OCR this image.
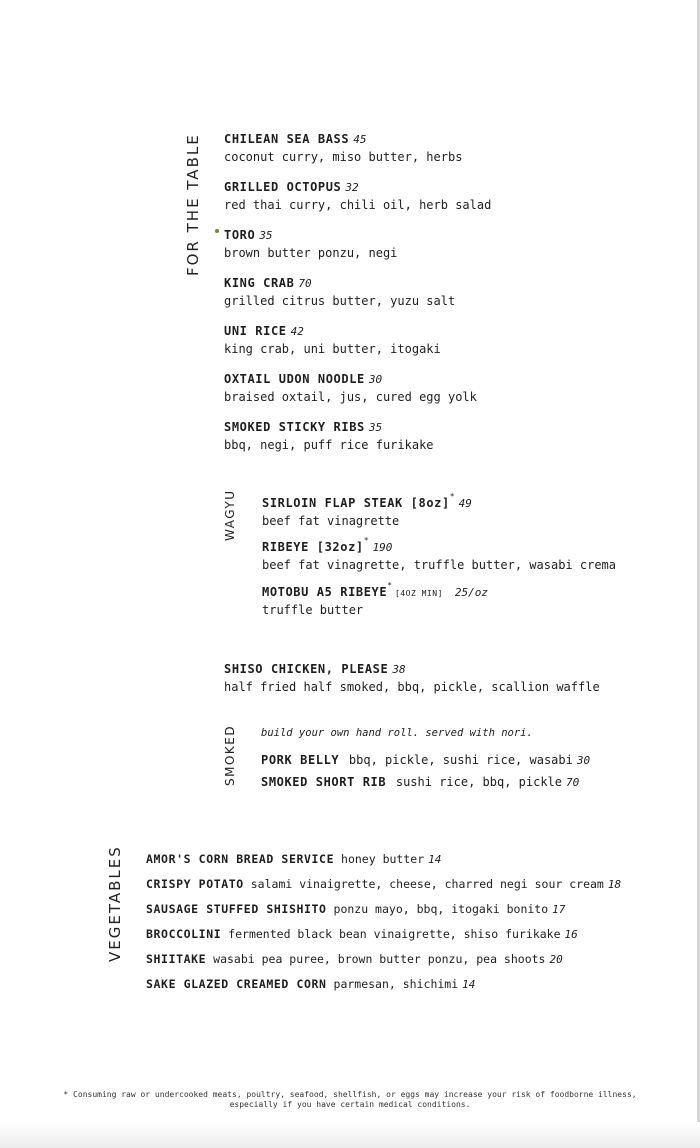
FOR THE TABLE
WAGYU
SMOKED
VEGETABLES
CHILEAN SEA BASS 45
coconut curry, miso butter, herbs
GRILLED OCTOPUS 32
red thai curry, chili oil, herb salad
TORO 35
brown butter ponzu, negi
KING CRAB 70
grilled citrus butter, yuzu salt
UNI RICE 42
king crab, uni butter, itogaki
OXTAIL UDON NOODLE 30
braised oxtail, jus, cured egg yolk
SMOKED STICKY RIBS 35
bbq, negi, puff rice furikake
SIRLOIN FLAP STEAK [8oz]*49
beef fat vinagrette
RIBEYE [32oz]*190
beef fat vinagrette, truffle butter, wasabi crema
MOTOBU A5 RIBEYE*[4OZ MIN] 25/oz
truffle butter
SHISO CHICKEN, PLEASE 38
half fried half smoked, bbq, pickle, scallion waffle
build your own hand roll. served with nori.
PORK BELLY bbq, pickle, sushi rice, wasabi 30
SMOKED SHORT RIB sushi rice, bbq, pickle 70
AMOR'S CORN BREAD SERVICE honey butter 14
CRISPY POTATO salami vinaigrette, cheese, charred negi sour cream 18
SAUSAGE STUFFED SHISHITO ponzu mayo, bbq, itogaki bonito 17
BROCCOLINI fermented black bean vinaigrette, shiso furikake 16
SHIITAKE wasabi pea puree, brown butter ponzu, pea shoots 20
SAKE GLAZED CREAMED CORN parmesan, shichimi 14
* Consuming raw or undercooked meats, poultry, seafood, shellfish, or eggs may increase your risk of foodborne illness,
especially if you have certain medical conditions.
